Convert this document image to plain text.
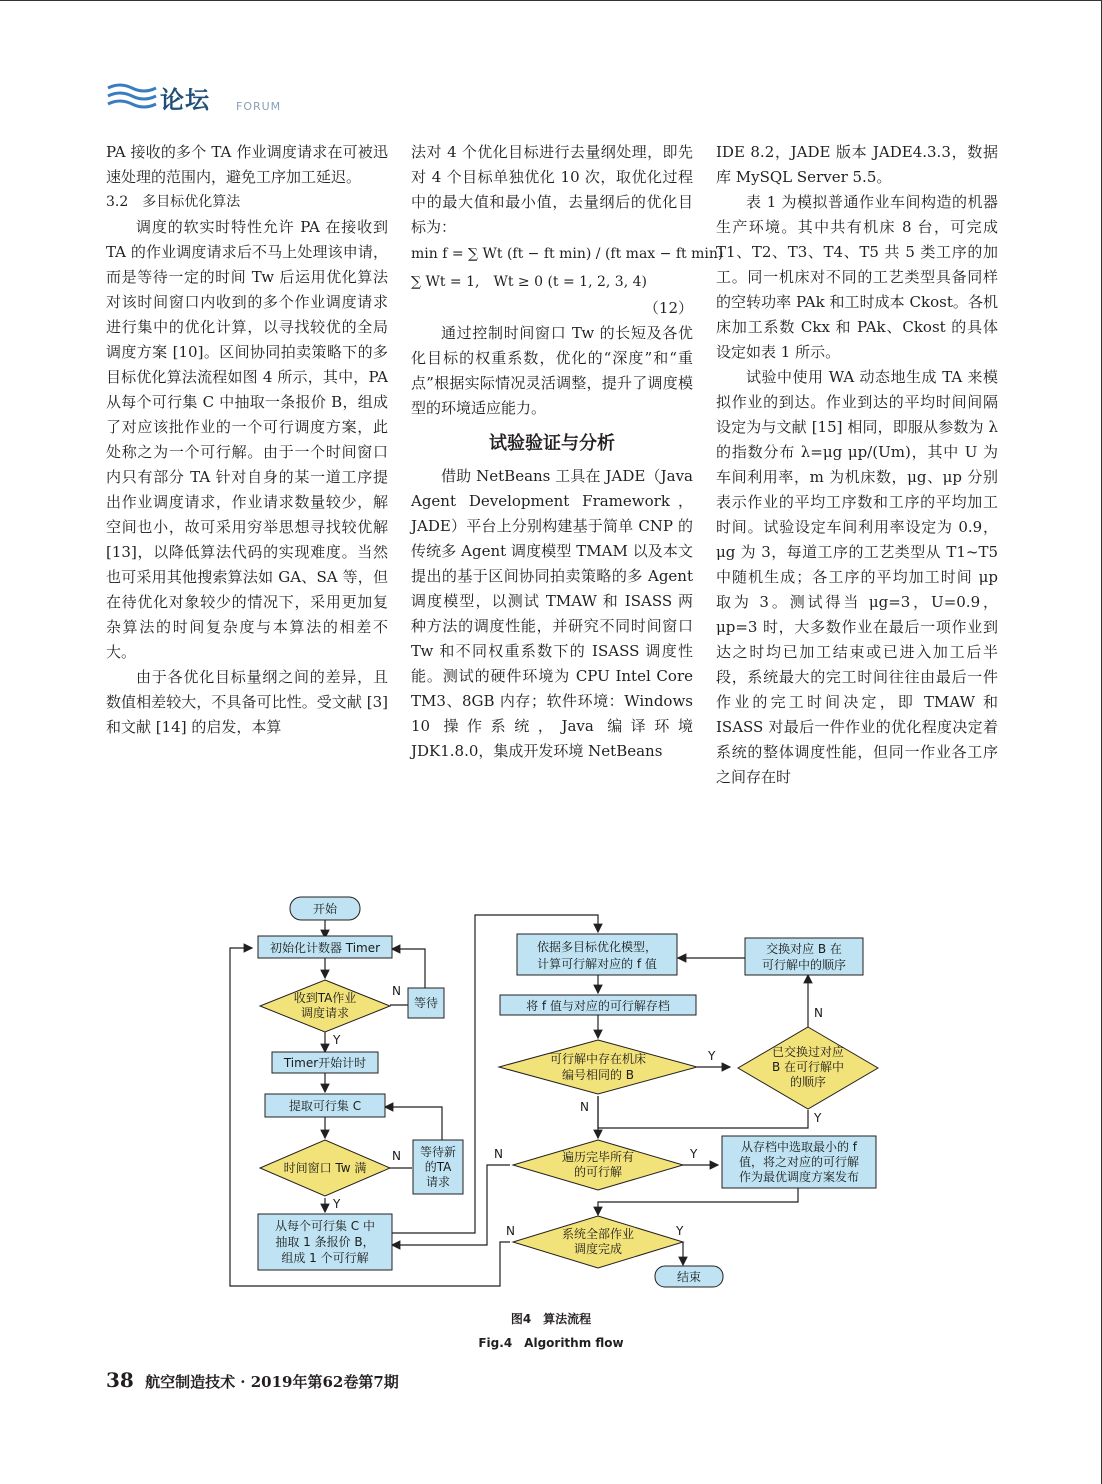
论坛 FORUM

PA 接收的多个 TA 作业调度请求在可被迅速处理的范围内，避免工序加工延迟。

3.2　多目标优化算法

调度的软实时特性允许 PA 在接收到 TA 的作业调度请求后不马上处理该申请，而是等待一定的时间 Tw 后运用优化算法对该时间窗口内收到的多个作业调度请求进行集中的优化计算，以寻找较优的全局调度方案 [10]。区间协同拍卖策略下的多目标优化算法流程如图 4 所示，其中，PA 从每个可行集 C 中抽取一条报价 B，组成了对应该批作业的一个可行调度方案，此处称之为一个可行解。由于一个时间窗口内只有部分 TA 针对自身的某一道工序提出作业调度请求，作业请求数量较少，解空间也小，故可采用穷举思想寻找较优解 [13]，以降低算法代码的实现难度。当然也可采用其他搜索算法如 GA、SA 等，但在待优化对象较少的情况下，采用更加复杂算法的时间复杂度与本算法的相差不大。

由于各优化目标量纲之间的差异，且数值相差较大，不具备可比性。受文献 [3] 和文献 [14] 的启发，本算

法对 4 个优化目标进行去量纲处理，即先对 4 个目标单独优化 10 次，取优化过程中的最大值和最小值，去量纲后的优化目标为：

min f = ∑ Wt (ft − ft min) / (ft max − ft min)
∑ Wt = 1,　Wt ≥ 0 (t = 1, 2, 3, 4)
（12）

通过控制时间窗口 Tw 的长短及各优化目标的权重系数，优化的“深度”和“重点”根据实际情况灵活调整，提升了调度模型的环境适应能力。

试验验证与分析

借助 NetBeans 工具在 JADE（Java Agent Development Framework，JADE）平台上分别构建基于简单 CNP 的传统多 Agent 调度模型 TMAM 以及本文提出的基于区间协同拍卖策略的多 Agent 调度模型，以测试 TMAW 和 ISASS 两种方法的调度性能，并研究不同时间窗口 Tw 和不同权重系数下的 ISASS 调度性能。测试的硬件环境为 CPU Intel Core TM3、8GB 内存；软件环境：Windows 10 操作系统，Java 编译环境 JDK1.8.0，集成开发环境 NetBeans

IDE 8.2，JADE 版本 JADE4.3.3，数据库 MySQL Server 5.5。

表 1 为模拟普通作业车间构造的机器生产环境。其中共有机床 8 台，可完成 T1、T2、T3、T4、T5 共 5 类工序的加工。同一机床对不同的工艺类型具备同样的空转功率 PAk 和工时成本 Ckost。各机床加工系数 Ckx 和 PAk、Ckost 的具体设定如表 1 所示。

试验中使用 WA 动态地生成 TA 来模拟作业的到达。作业到达的平均时间间隔设定为与文献 [15] 相同，即服从参数为 λ 的指数分布 λ=μg μp/(Um)，其中 U 为车间利用率，m 为机床数，μg、μp 分别表示作业的平均工序数和工序的平均加工时间。试验设定车间利用率设定为 0.9，μg 为 3，每道工序的工艺类型从 T1~T5 中随机生成；各工序的平均加工时间 μp 取为 3。测试得当 μg=3，U=0.9，μp=3 时，大多数作业在最后一项作业到达之时均已加工结束或已进入加工后半段，系统最大的完工时间往往由最后一件作业的完工时间决定，即 TMAW 和 ISASS 对最后一件作业的优化程度决定着系统的整体调度性能，但同一作业各工序之间存在时

开始
初始化计数器 Timer
收到TA作业
调度请求
等待
Timer开始计时
提取可行集 C
时间窗口 Tw 满
等待新
的TA
请求
从每个可行集 C 中
抽取 1 条报价 B，
组成 1 个可行解
依据多目标优化模型，
计算可行解对应的 f 值
将 f 值与对应的可行解存档
可行解中存在机床
编号相同的 B
已交换过对应
B 在可行解中
的顺序
交换对应 B 在
可行解中的顺序
遍历完毕所有
的可行解
从存档中选取最小的 f
值，将之对应的可行解
作为最优调度方案发布
系统全部作业
调度完成
结束
N
Y
N
Y
Y
N
Y
N
N	Y
N	Y
图4　算法流程
Fig.4　Algorithm flow
38 航空制造技术 · 2019年第62卷第7期
